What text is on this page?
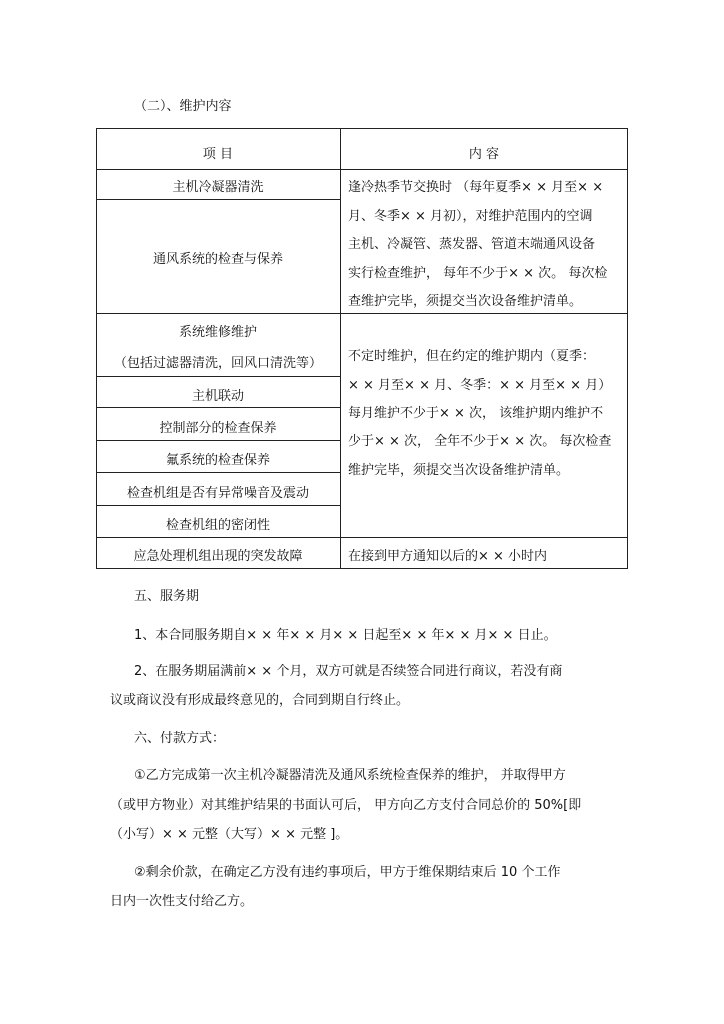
（二）、维护内容
项 目	内 容
主机冷凝器清洗
通风系统的检查与保养
逢冷热季节交换时 （每年夏季× × 月至× ×
月、冬季× × 月初），对维护范围内的空调
主机、冷凝管、蒸发器、管道末端通风设备
实行检查维护， 每年不少于× × 次。 每次检
查维护完毕，须提交当次设备维护清单。
系统维修维护
（包括过滤器清洗，回风口清洗等）
主机联动
控制部分的检查保养
氟系统的检查保养
检查机组是否有异常噪音及震动
检查机组的密闭性
不定时维护，但在约定的维护期内（夏季：
× × 月至× × 月、冬季：× × 月至× × 月）
每月维护不少于× × 次， 该维护期内维护不
少于× × 次， 全年不少于× × 次。 每次检查
维护完毕，须提交当次设备维护清单。
应急处理机组出现的突发故障	在接到甲方通知以后的× × 小时内
五、服务期
1、本合同服务期自× × 年× × 月× × 日起至× × 年× × 月× × 日止。
2、在服务期届满前× × 个月，双方可就是否续签合同进行商议，若没有商
议或商议没有形成最终意见的，合同到期自行终止。
六、付款方式：
①乙方完成第一次主机冷凝器清洗及通风系统检查保养的维护， 并取得甲方
（或甲方物业）对其维护结果的书面认可后， 甲方向乙方支付合同总价的 50%[即
（小写）× × 元整（大写）× × 元整 ]。
②剩余价款，在确定乙方没有违约事项后，甲方于维保期结束后 10 个工作
日内一次性支付给乙方。
